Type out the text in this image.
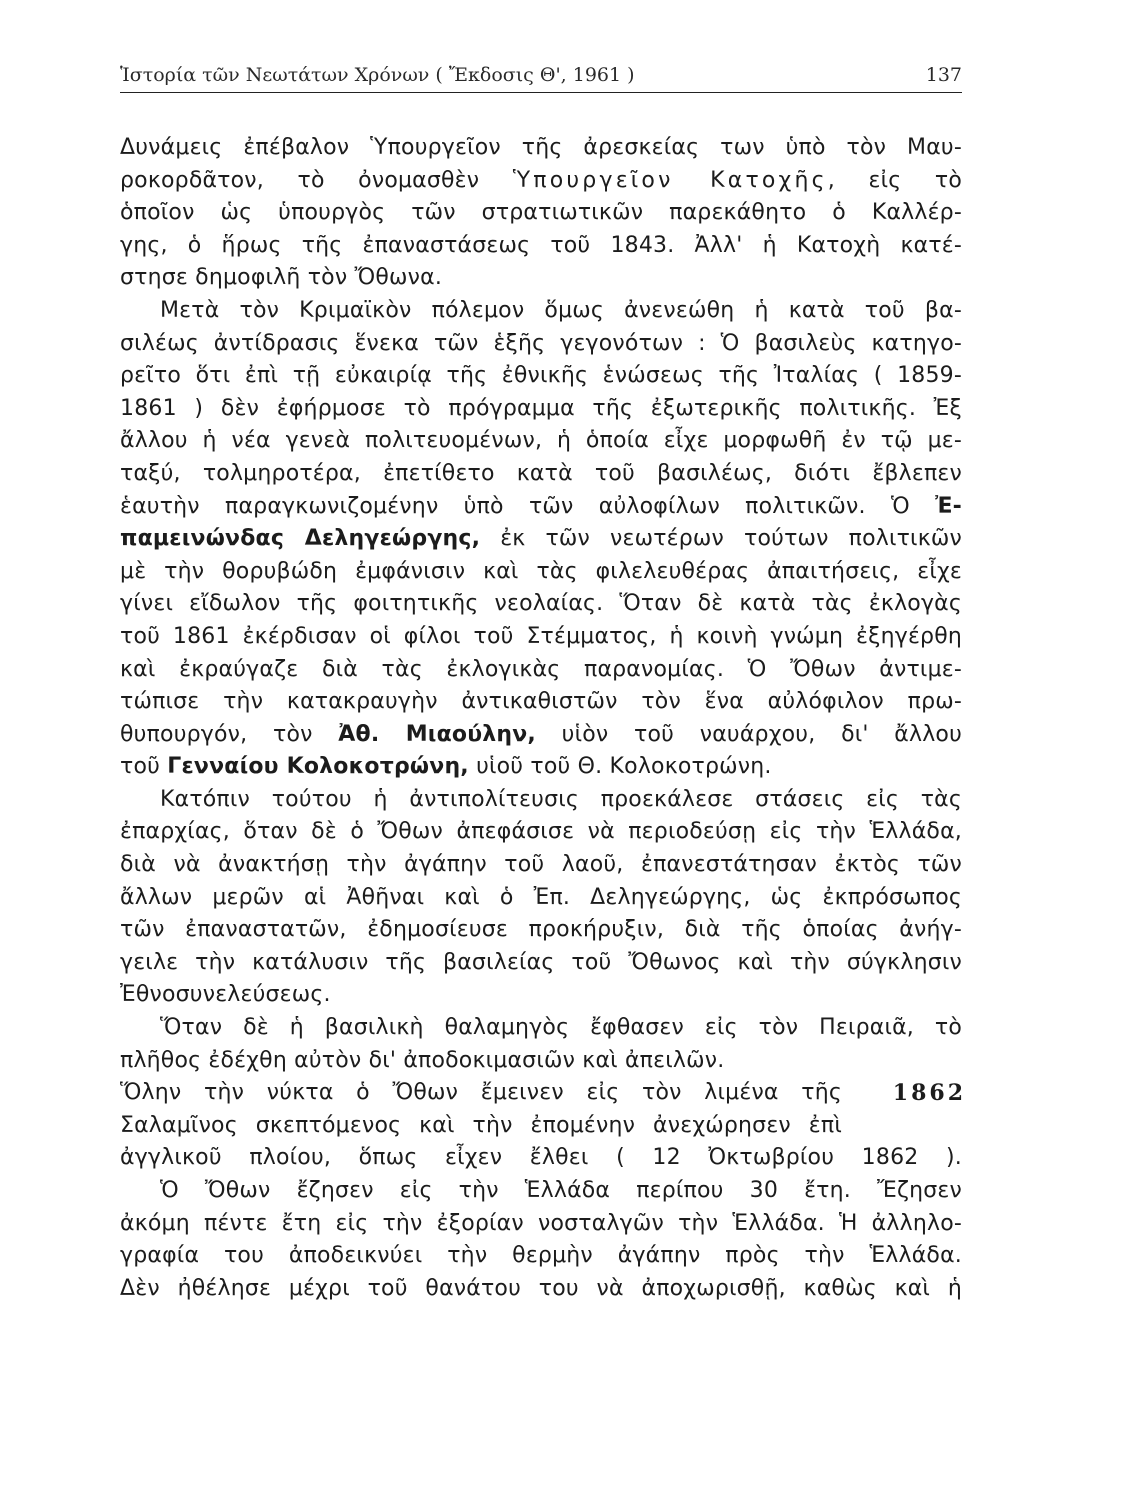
Ἱστορία τῶν Νεωτάτων Χρόνων ( Ἔκδοσις Θ', 1961 )	137
Δυνάμεις ἐπέβαλον Ὑπουργεῖον τῆς ἀρεσκείας των ὑπὸ τὸν Μαυ-
ροκορδᾶτον, τὸ ὀνομασθὲν Ὑπουργεῖον Κατοχῆς, εἰς τὸ
ὁποῖον ὡς ὑπουργὸς τῶν στρατιωτικῶν παρεκάθητο ὁ Καλλέρ-
γης, ὁ ἥρως τῆς ἐπαναστάσεως τοῦ 1843. Ἀλλ' ἡ Κατοχὴ κατέ-
στησε δημοφιλῆ τὸν Ὄθωνα.
Μετὰ τὸν Κριμαϊκὸν πόλεμον ὅμως ἀνενεώθη ἡ κατὰ τοῦ βα-
σιλέως ἀντίδρασις ἕνεκα τῶν ἑξῆς γεγονότων : Ὁ βασιλεὺς κατηγο-
ρεῖτο ὅτι ἐπὶ τῇ εὐκαιρίᾳ τῆς ἐθνικῆς ἑνώσεως τῆς Ἰταλίας ( 1859-
1861 ) δὲν ἐφήρμοσε τὸ πρόγραμμα τῆς ἐξωτερικῆς πολιτικῆς. Ἐξ
ἄλλου ἡ νέα γενεὰ πολιτευομένων, ἡ ὁποία εἶχε μορφωθῆ ἐν τῷ με-
ταξύ, τολμηροτέρα, ἐπετίθετο κατὰ τοῦ βασιλέως, διότι ἔβλεπεν
ἑαυτὴν παραγκωνιζομένην ὑπὸ τῶν αὐλοφίλων πολιτικῶν. Ὁ Ἐ-
παμεινώνδας Δεληγεώργης, ἐκ τῶν νεωτέρων τούτων πολιτικῶν
μὲ τὴν θορυβώδη ἐμφάνισιν καὶ τὰς φιλελευθέρας ἀπαιτήσεις, εἶχε
γίνει εἴδωλον τῆς φοιτητικῆς νεολαίας. Ὅταν δὲ κατὰ τὰς ἐκλογὰς
τοῦ 1861 ἐκέρδισαν οἱ φίλοι τοῦ Στέμματος, ἡ κοινὴ γνώμη ἐξηγέρθη
καὶ ἐκραύγαζε διὰ τὰς ἐκλογικὰς παρανομίας. Ὁ Ὄθων ἀντιμε-
τώπισε τὴν κατακραυγὴν ἀντικαθιστῶν τὸν ἕνα αὐλόφιλον πρω-
θυπουργόν, τὸν Ἀθ. Μιαούλην, υἱὸν τοῦ ναυάρχου, δι' ἄλλου
τοῦ Γενναίου Κολοκοτρώνη, υἱοῦ τοῦ Θ. Κολοκοτρώνη.
Κατόπιν τούτου ἡ ἀντιπολίτευσις προεκάλεσε στάσεις εἰς τὰς
ἐπαρχίας, ὅταν δὲ ὁ Ὄθων ἀπεφάσισε νὰ περιοδεύσῃ εἰς τὴν Ἑλλάδα,
διὰ νὰ ἀνακτήσῃ τὴν ἀγάπην τοῦ λαοῦ, ἐπανεστάτησαν ἐκτὸς τῶν
ἄλλων μερῶν αἱ Ἀθῆναι καὶ ὁ Ἐπ. Δεληγεώργης, ὡς ἐκπρόσωπος
τῶν ἐπαναστατῶν, ἐδημοσίευσε προκήρυξιν, διὰ τῆς ὁποίας ἀνήγ-
γειλε τὴν κατάλυσιν τῆς βασιλείας τοῦ Ὄθωνος καὶ τὴν σύγκλησιν
Ἐθνοσυνελεύσεως.
Ὅταν δὲ ἡ βασιλικὴ θαλαμηγὸς ἔφθασεν εἰς τὸν Πειραιᾶ, τὸ
πλῆθος ἐδέχθη αὐτὸν δι' ἀποδοκιμασιῶν καὶ ἀπειλῶν.
Ὅλην τὴν νύκτα ὁ Ὄθων ἔμεινεν εἰς τὸν λιμένα τῆς	1862
Σαλαμῖνος σκεπτόμενος καὶ τὴν ἐπομένην ἀνεχώρησεν ἐπὶ
ἀγγλικοῦ πλοίου, ὅπως εἶχεν ἔλθει ( 12 Ὀκτωβρίου 1862 ).
Ὁ Ὄθων ἔζησεν εἰς τὴν Ἑλλάδα περίπου 30 ἔτη. Ἔζησεν
ἀκόμη πέντε ἔτη εἰς τὴν ἐξορίαν νοσταλγῶν τὴν Ἑλλάδα. Ἡ ἀλληλο-
γραφία του ἀποδεικνύει τὴν θερμὴν ἀγάπην πρὸς τὴν Ἑλλάδα.
Δὲν ἠθέλησε μέχρι τοῦ θανάτου του νὰ ἀποχωρισθῇ, καθὼς καὶ ἡ
